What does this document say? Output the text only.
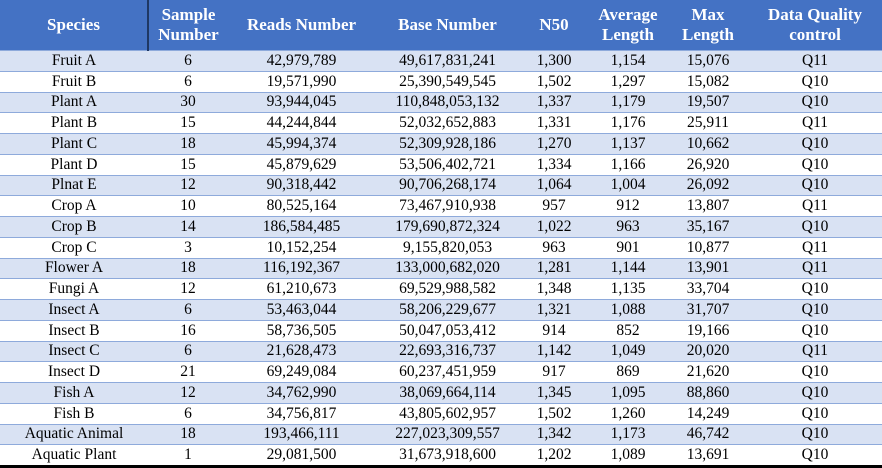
Species	Sample Number	Reads Number	Base Number	N50	Average Length	Max Length	Data Quality control
Fruit A	6	42,979,789	49,617,831,241	1,300	1,154	15,076	Q11
Fruit B	6	19,571,990	25,390,549,545	1,502	1,297	15,082	Q10
Plant A	30	93,944,045	110,848,053,132	1,337	1,179	19,507	Q10
Plant B	15	44,244,844	52,032,652,883	1,331	1,176	25,911	Q11
Plant C	18	45,994,374	52,309,928,186	1,270	1,137	10,662	Q10
Plant D	15	45,879,629	53,506,402,721	1,334	1,166	26,920	Q10
Plnat E	12	90,318,442	90,706,268,174	1,064	1,004	26,092	Q10
Crop A	10	80,525,164	73,467,910,938	957	912	13,807	Q11
Crop B	14	186,584,485	179,690,872,324	1,022	963	35,167	Q10
Crop C	3	10,152,254	9,155,820,053	963	901	10,877	Q11
Flower A	18	116,192,367	133,000,682,020	1,281	1,144	13,901	Q11
Fungi A	12	61,210,673	69,529,988,582	1,348	1,135	33,704	Q10
Insect A	6	53,463,044	58,206,229,677	1,321	1,088	31,707	Q10
Insect B	16	58,736,505	50,047,053,412	914	852	19,166	Q10
Insect C	6	21,628,473	22,693,316,737	1,142	1,049	20,020	Q11
Insect D	21	69,249,084	60,237,451,959	917	869	21,620	Q10
Fish A	12	34,762,990	38,069,664,114	1,345	1,095	88,860	Q10
Fish B	6	34,756,817	43,805,602,957	1,502	1,260	14,249	Q10
Aquatic Animal	18	193,466,111	227,023,309,557	1,342	1,173	46,742	Q10
Aquatic Plant	1	29,081,500	31,673,918,600	1,202	1,089	13,691	Q10
